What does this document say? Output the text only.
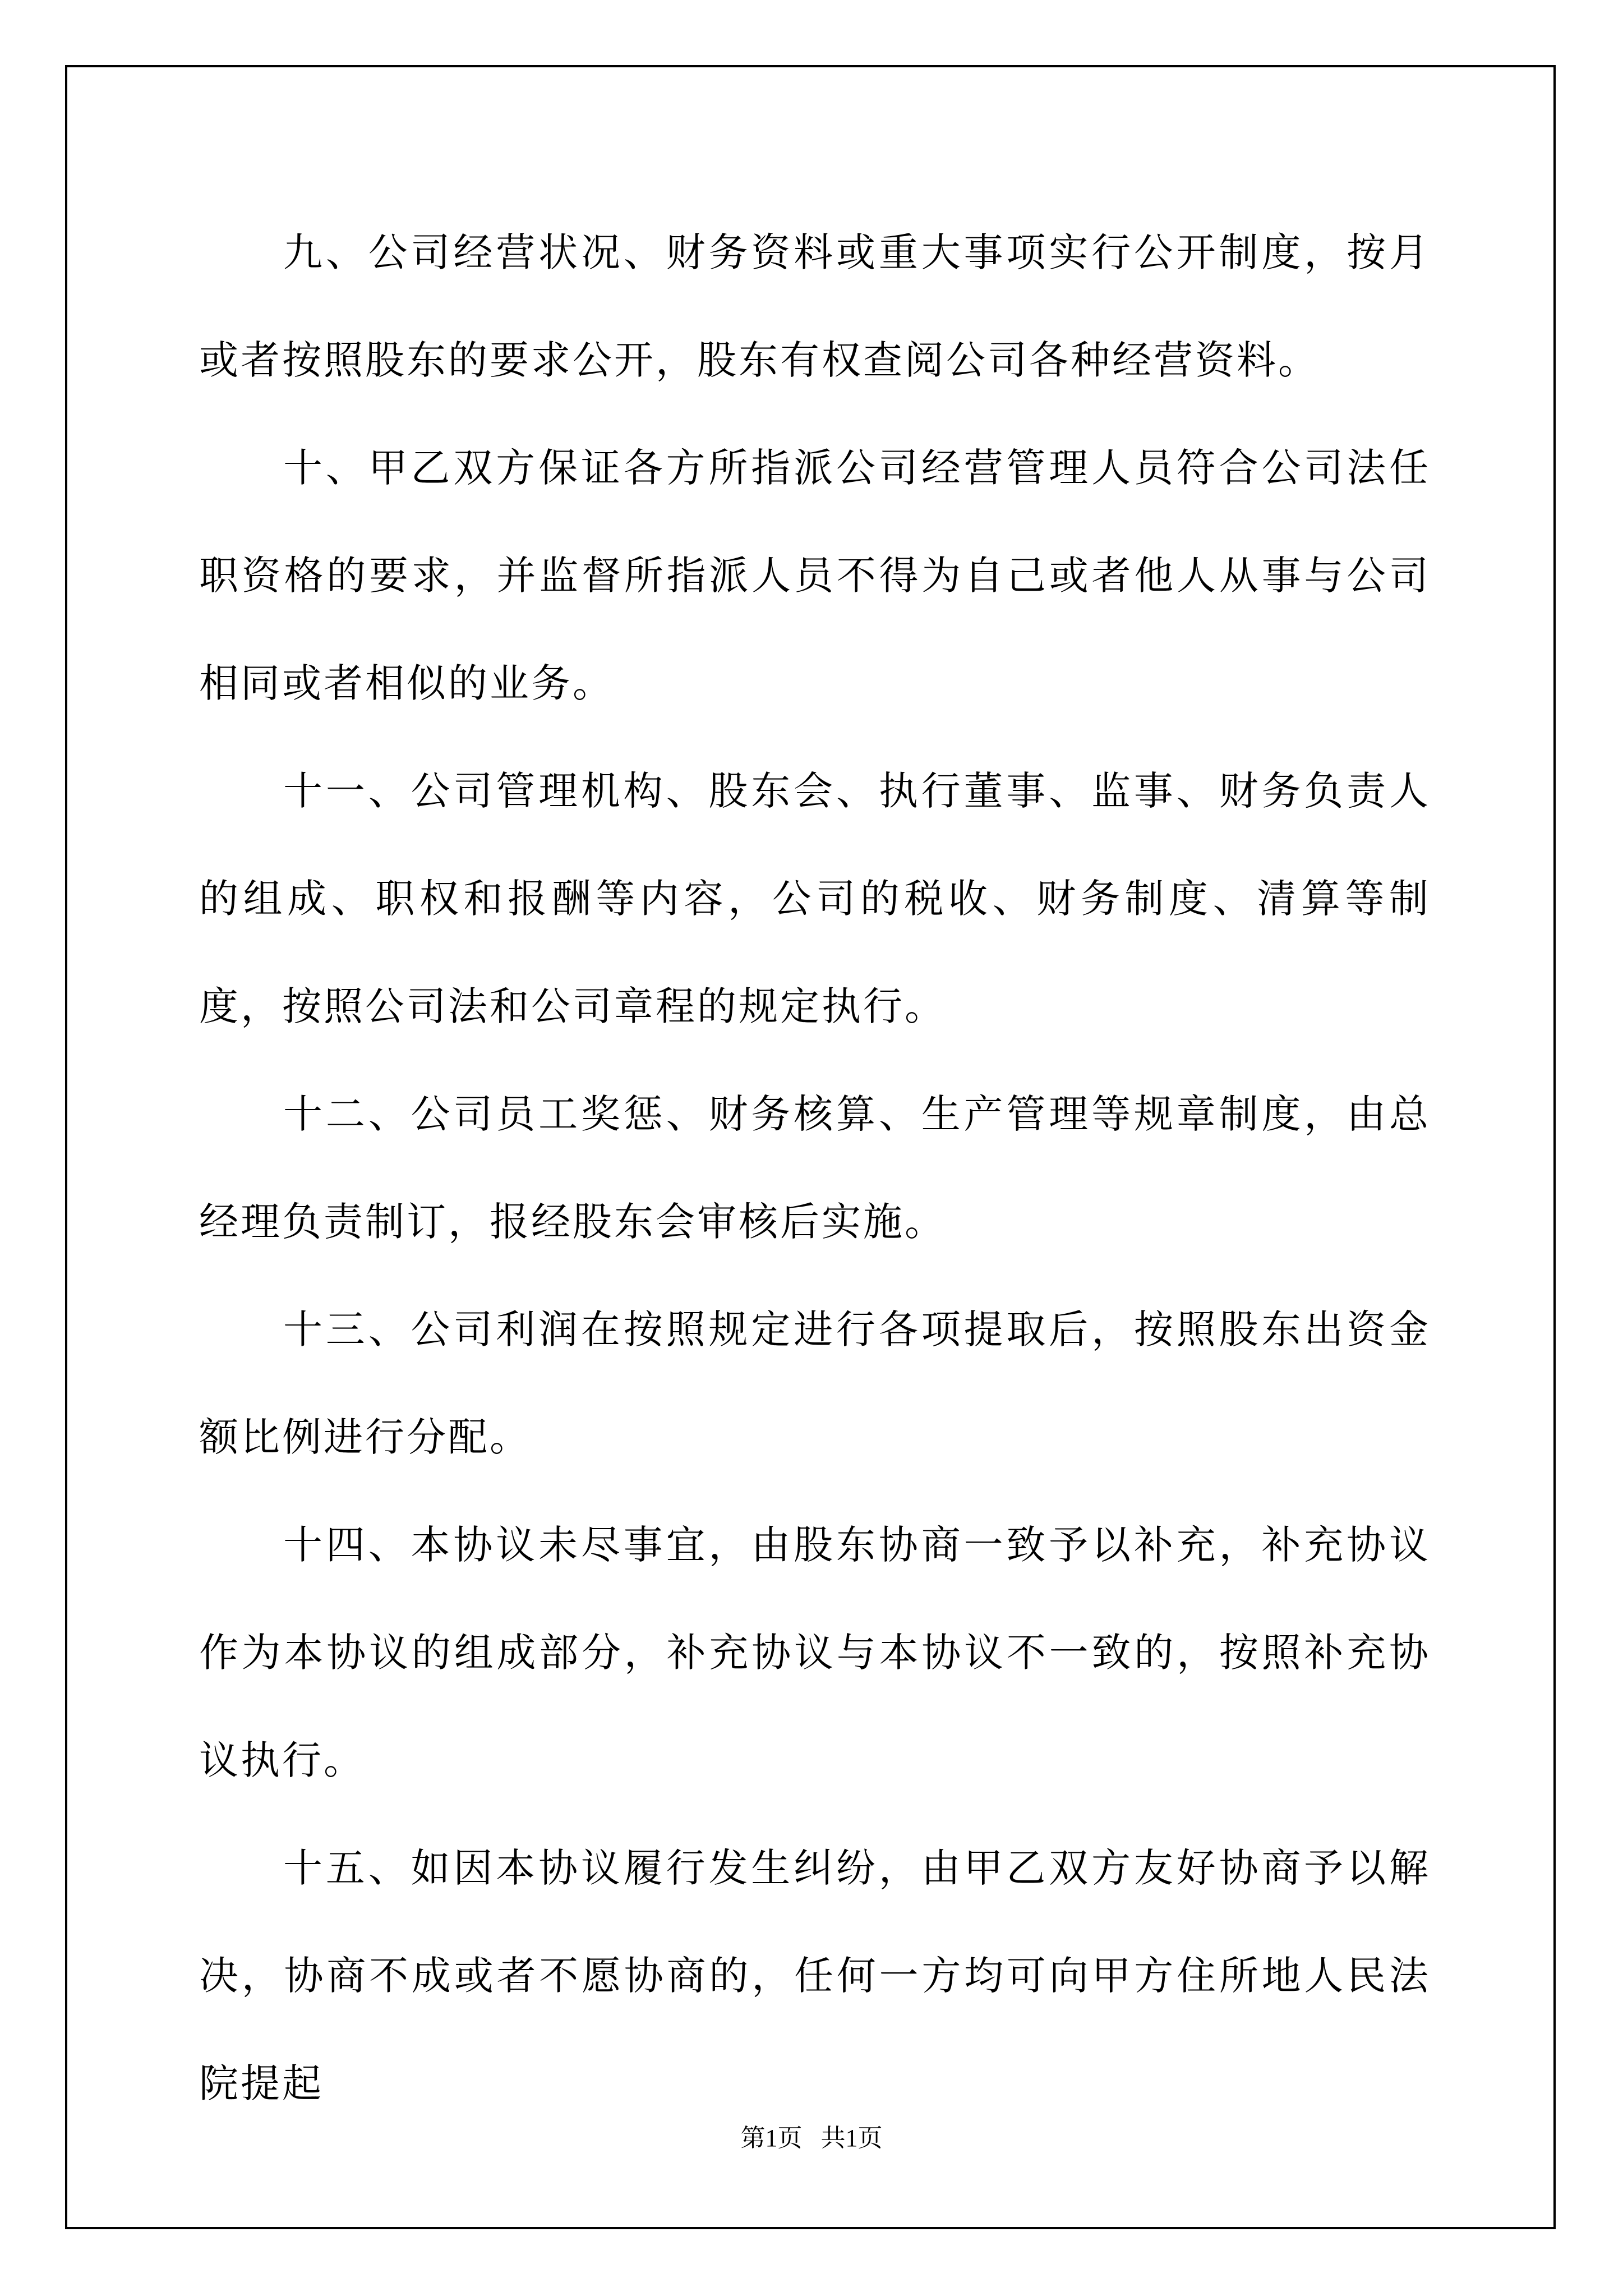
九、公司经营状况、财务资料或重大事项实行公开制度，按月或者按照股东的要求公开，股东有权查阅公司各种经营资料。

十、甲乙双方保证各方所指派公司经营管理人员符合公司法任职资格的要求，并监督所指派人员不得为自己或者他人从事与公司相同或者相似的业务。

十一、公司管理机构、股东会、执行董事、监事、财务负责人的组成、职权和报酬等内容，公司的税收、财务制度、清算等制度，按照公司法和公司章程的规定执行。

十二、公司员工奖惩、财务核算、生产管理等规章制度，由总经理负责制订，报经股东会审核后实施。

十三、公司利润在按照规定进行各项提取后，按照股东出资金额比例进行分配。

十四、本协议未尽事宜，由股东协商一致予以补充，补充协议作为本协议的组成部分，补充协议与本协议不一致的，按照补充协议执行。

十五、如因本协议履行发生纠纷，由甲乙双方友好协商予以解决，协商不成或者不愿协商的，任何一方均可向甲方住所地人民法院提起

第1页 共1页
